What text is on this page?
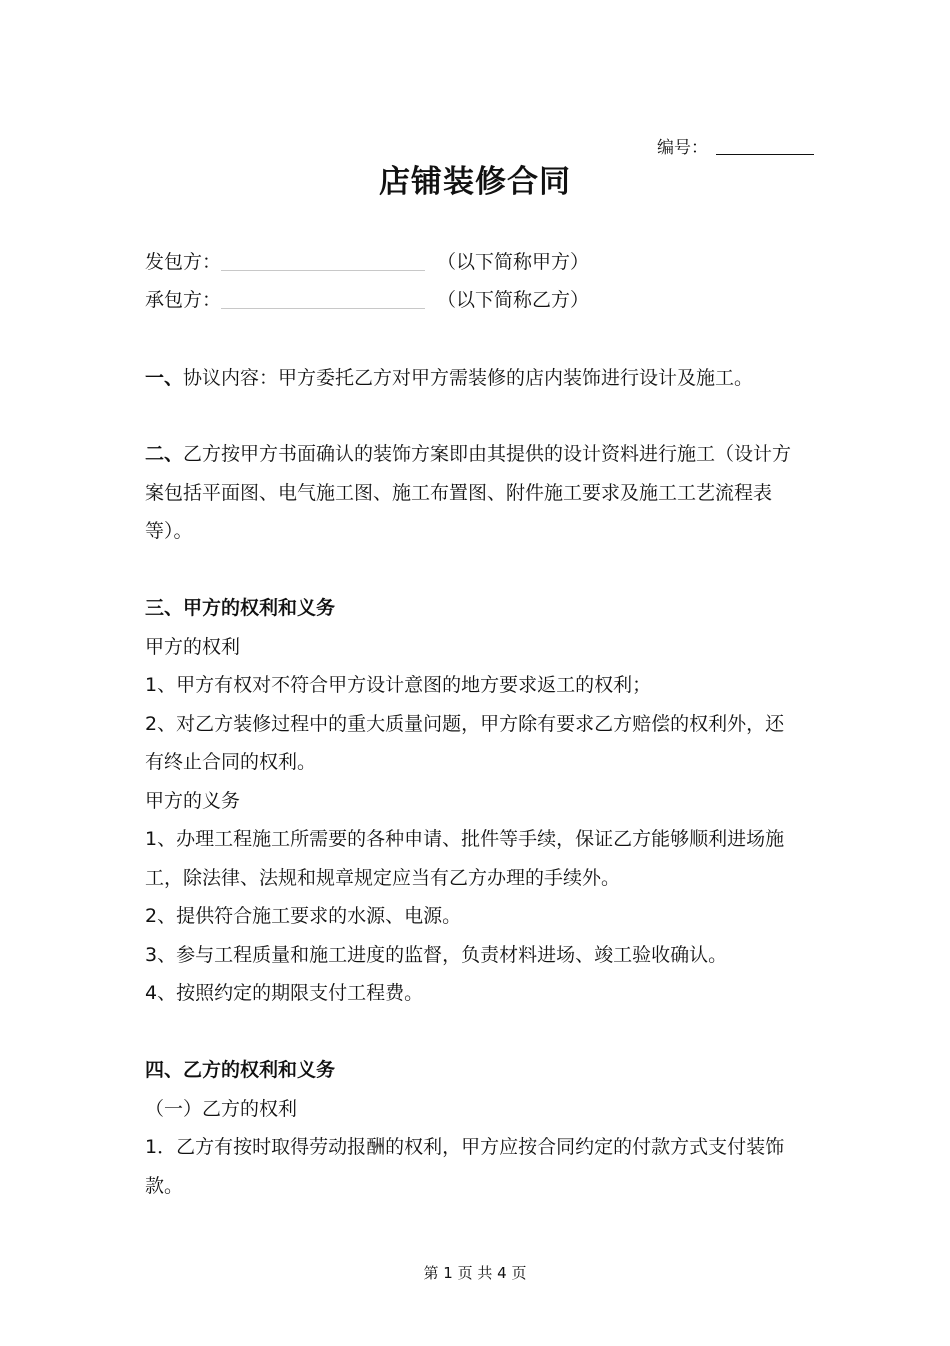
编号：
店铺装修合同
发包方：	（以下简称甲方）
承包方：	（以下简称乙方）

一、协议内容：甲方委托乙方对甲方需装修的店内装饰进行设计及施工。

二、乙方按甲方书面确认的装饰方案即由其提供的设计资料进行施工（设计方

案包括平面图、电气施工图、施工布置图、附件施工要求及施工工艺流程表

等）。

三、甲方的权利和义务

甲方的权利

1、甲方有权对不符合甲方设计意图的地方要求返工的权利；

2、对乙方装修过程中的重大质量问题，甲方除有要求乙方赔偿的权利外，还

有终止合同的权利。

甲方的义务

1、办理工程施工所需要的各种申请、批件等手续，保证乙方能够顺利进场施

工，除法律、法规和规章规定应当有乙方办理的手续外。

2、提供符合施工要求的水源、电源。

3、参与工程质量和施工进度的监督，负责材料进场、竣工验收确认。

4、按照约定的期限支付工程费。

四、乙方的权利和义务

（一）乙方的权利

1．乙方有按时取得劳动报酬的权利，甲方应按合同约定的付款方式支付装饰

款。

第 1 页 共 4 页
